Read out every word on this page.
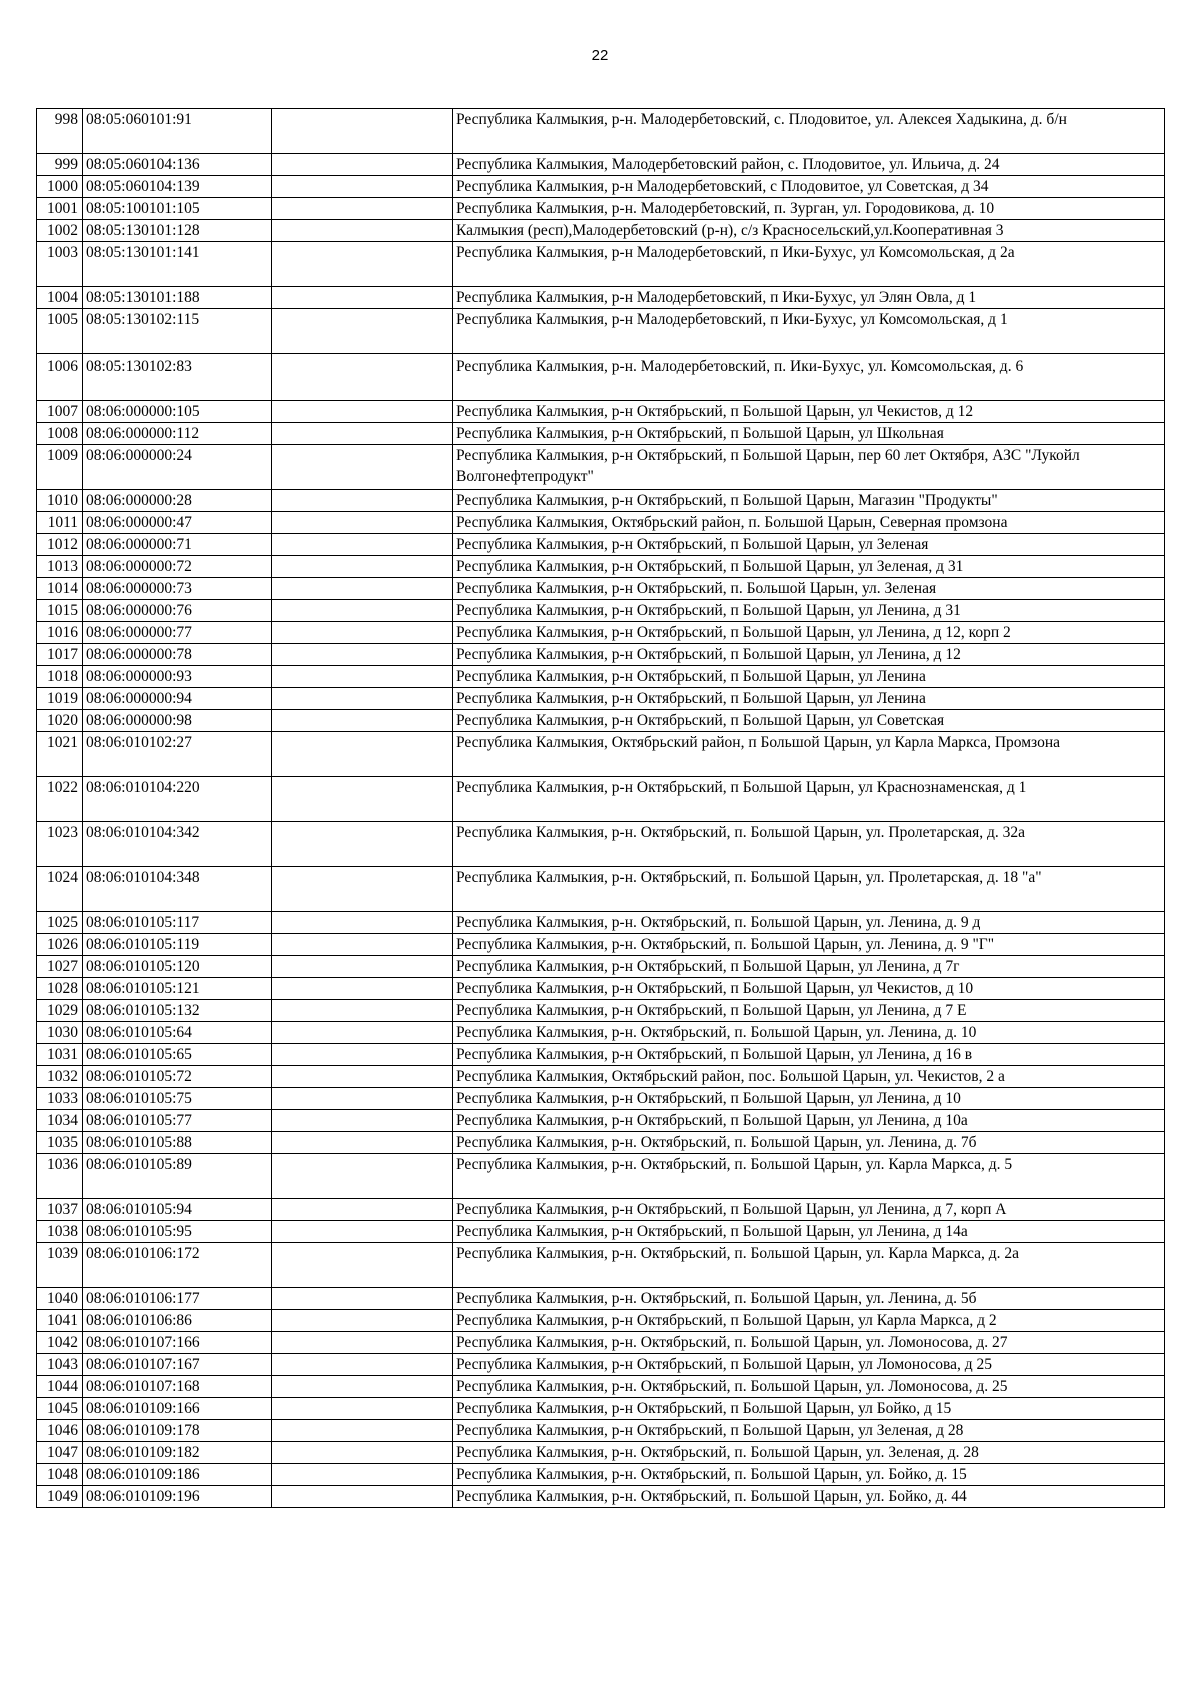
22
998	08:05:060101:91		Республика Калмыкия, р-н. Малодербетовский, с. Плодовитое, ул. Алексея Хадыкина, д. б/н
999	08:05:060104:136		Республика Калмыкия, Малодербетовский район, с. Плодовитое, ул. Ильича, д. 24
1000	08:05:060104:139		Республика Калмыкия, р-н Малодербетовский, с Плодовитое, ул Советская, д 34
1001	08:05:100101:105		Республика Калмыкия, р-н. Малодербетовский, п. Зурган, ул. Городовикова, д. 10
1002	08:05:130101:128		Калмыкия (респ),Малодербетовский (р-н), с/з Красносельский,ул.Кооперативная 3
1003	08:05:130101:141		Республика Калмыкия, р-н Малодербетовский, п Ики-Бухус, ул Комсомольская, д 2а
1004	08:05:130101:188		Республика Калмыкия, р-н Малодербетовский, п Ики-Бухус, ул Элян Овла, д 1
1005	08:05:130102:115		Республика Калмыкия, р-н Малодербетовский, п Ики-Бухус, ул Комсомольская, д 1
1006	08:05:130102:83		Республика Калмыкия, р-н. Малодербетовский, п. Ики-Бухус, ул. Комсомольская, д. 6
1007	08:06:000000:105		Республика Калмыкия, р-н Октябрьский, п Большой Царын, ул Чекистов, д 12
1008	08:06:000000:112		Республика Калмыкия, р-н Октябрьский, п Большой Царын, ул Школьная
1009	08:06:000000:24		Республика Калмыкия, р-н Октябрьский, п Большой Царын, пер 60 лет Октября, АЗС "Лукойл Волгонефтепродукт"
1010	08:06:000000:28		Республика Калмыкия, р-н Октябрьский, п Большой Царын, Магазин "Продукты"
1011	08:06:000000:47		Республика Калмыкия, Октябрьский район, п. Большой Царын, Северная промзона
1012	08:06:000000:71		Республика Калмыкия, р-н Октябрьский, п Большой Царын, ул Зеленая
1013	08:06:000000:72		Республика Калмыкия, р-н Октябрьский, п Большой Царын, ул Зеленая, д 31
1014	08:06:000000:73		Республика Калмыкия, р-н Октябрьский, п. Большой Царын, ул. Зеленая
1015	08:06:000000:76		Республика Калмыкия, р-н Октябрьский, п Большой Царын, ул Ленина, д 31
1016	08:06:000000:77		Республика Калмыкия, р-н Октябрьский, п Большой Царын, ул Ленина, д 12, корп 2
1017	08:06:000000:78		Республика Калмыкия, р-н Октябрьский, п Большой Царын, ул Ленина, д 12
1018	08:06:000000:93		Республика Калмыкия, р-н Октябрьский, п Большой Царын, ул Ленина
1019	08:06:000000:94		Республика Калмыкия, р-н Октябрьский, п Большой Царын, ул Ленина
1020	08:06:000000:98		Республика Калмыкия, р-н Октябрьский, п Большой Царын, ул Советская
1021	08:06:010102:27		Республика Калмыкия, Октябрьский район, п Большой Царын, ул Карла Маркса, Промзона
1022	08:06:010104:220		Республика Калмыкия, р-н Октябрьский, п Большой Царын, ул Краснознаменская, д 1
1023	08:06:010104:342		Республика Калмыкия, р-н. Октябрьский, п. Большой Царын, ул. Пролетарская, д. 32а
1024	08:06:010104:348		Республика Калмыкия, р-н. Октябрьский, п. Большой Царын, ул. Пролетарская, д. 18 "а"
1025	08:06:010105:117		Республика Калмыкия, р-н. Октябрьский, п. Большой Царын, ул. Ленина, д. 9 д
1026	08:06:010105:119		Республика Калмыкия, р-н. Октябрьский, п. Большой Царын, ул. Ленина, д. 9 "Г"
1027	08:06:010105:120		Республика Калмыкия, р-н Октябрьский, п Большой Царын, ул Ленина, д 7г
1028	08:06:010105:121		Республика Калмыкия, р-н Октябрьский, п Большой Царын, ул Чекистов, д 10
1029	08:06:010105:132		Республика Калмыкия, р-н Октябрьский, п Большой Царын, ул Ленина, д 7 Е
1030	08:06:010105:64		Республика Калмыкия, р-н. Октябрьский, п. Большой Царын, ул. Ленина, д. 10
1031	08:06:010105:65		Республика Калмыкия, р-н Октябрьский, п Большой Царын, ул Ленина, д 16 в
1032	08:06:010105:72		Республика Калмыкия, Октябрьский район, пос. Большой Царын, ул. Чекистов, 2 а
1033	08:06:010105:75		Республика Калмыкия, р-н Октябрьский, п Большой Царын, ул Ленина, д 10
1034	08:06:010105:77		Республика Калмыкия, р-н Октябрьский, п Большой Царын, ул Ленина, д 10а
1035	08:06:010105:88		Республика Калмыкия, р-н. Октябрьский, п. Большой Царын, ул. Ленина, д. 7б
1036	08:06:010105:89		Республика Калмыкия, р-н. Октябрьский, п. Большой Царын, ул. Карла Маркса, д. 5
1037	08:06:010105:94		Республика Калмыкия, р-н Октябрьский, п Большой Царын, ул Ленина, д 7, корп А
1038	08:06:010105:95		Республика Калмыкия, р-н Октябрьский, п Большой Царын, ул Ленина, д 14а
1039	08:06:010106:172		Республика Калмыкия, р-н. Октябрьский, п. Большой Царын, ул. Карла Маркса, д. 2а
1040	08:06:010106:177		Республика Калмыкия, р-н. Октябрьский, п. Большой Царын, ул. Ленина, д. 5б
1041	08:06:010106:86		Республика Калмыкия, р-н Октябрьский, п Большой Царын, ул Карла Маркса, д 2
1042	08:06:010107:166		Республика Калмыкия, р-н. Октябрьский, п. Большой Царын, ул. Ломоносова, д. 27
1043	08:06:010107:167		Республика Калмыкия, р-н Октябрьский, п Большой Царын, ул Ломоносова, д 25
1044	08:06:010107:168		Республика Калмыкия, р-н. Октябрьский, п. Большой Царын, ул. Ломоносова, д. 25
1045	08:06:010109:166		Республика Калмыкия, р-н Октябрьский, п Большой Царын, ул Бойко, д 15
1046	08:06:010109:178		Республика Калмыкия, р-н Октябрьский, п Большой Царын, ул Зеленая, д 28
1047	08:06:010109:182		Республика Калмыкия, р-н. Октябрьский, п. Большой Царын, ул. Зеленая, д. 28
1048	08:06:010109:186		Республика Калмыкия, р-н. Октябрьский, п. Большой Царын, ул. Бойко, д. 15
1049	08:06:010109:196		Республика Калмыкия, р-н. Октябрьский, п. Большой Царын, ул. Бойко, д. 44
